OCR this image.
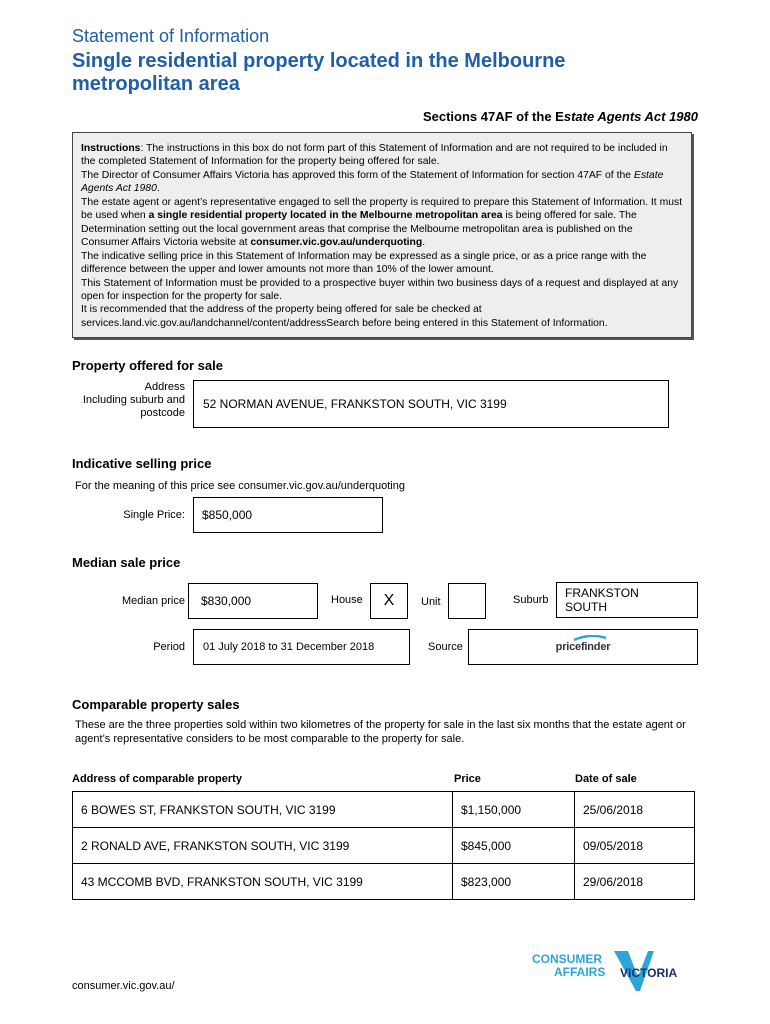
Statement of Information
Single residential property located in the Melbourne metropolitan area
Sections 47AF of the Estate Agents Act 1980

Instructions: The instructions in this box do not form part of this Statement of Information and are not required to be included in the completed Statement of Information for the property being offered for sale.

The Director of Consumer Affairs Victoria has approved this form of the Statement of Information for section 47AF of the Estate Agents Act 1980.

The estate agent or agent’s representative engaged to sell the property is required to prepare this Statement of Information. It must be used when a single residential property located in the Melbourne metropolitan area is being offered for sale. The Determination setting out the local government areas that comprise the Melbourne metropolitan area is published on the Consumer Affairs Victoria website at consumer.vic.gov.au/underquoting.

The indicative selling price in this Statement of Information may be expressed as a single price, or as a price range with the difference between the upper and lower amounts not more than 10% of the lower amount.

This Statement of Information must be provided to a prospective buyer within two business days of a request and displayed at any open for inspection for the property for sale.

It is recommended that the address of the property being offered for sale be checked at services.land.vic.gov.au/landchannel/content/addressSearch before being entered in this Statement of Information.

Property offered for sale
Address
Including suburb and
postcode
52 NORMAN AVENUE, FRANKSTON SOUTH, VIC 3199
Indicative selling price
For the meaning of this price see consumer.vic.gov.au/underquoting
Single Price: $850,000
Median sale price
Median price $830,000	House X Unit	Suburb FRANKSTON
SOUTH
Period 01 July 2018 to 31 December 2018	Source	pricefinder
Comparable property sales
These are the three properties sold within two kilometres of the property for sale in the last six months that the estate agent or agent’s representative considers to be most comparable to the property for sale.
Address of comparable property	Price	Date of sale
6 BOWES ST, FRANKSTON SOUTH, VIC 3199	$1,150,000	25/06/2018
2 RONALD AVE, FRANKSTON SOUTH, VIC 3199	$845,000	09/05/2018
43 MCCOMB BVD, FRANKSTON SOUTH, VIC 3199	$823,000	29/06/2018
consumer.vic.gov.au/
CONSUMER
AFFAIRS VICTORIA
